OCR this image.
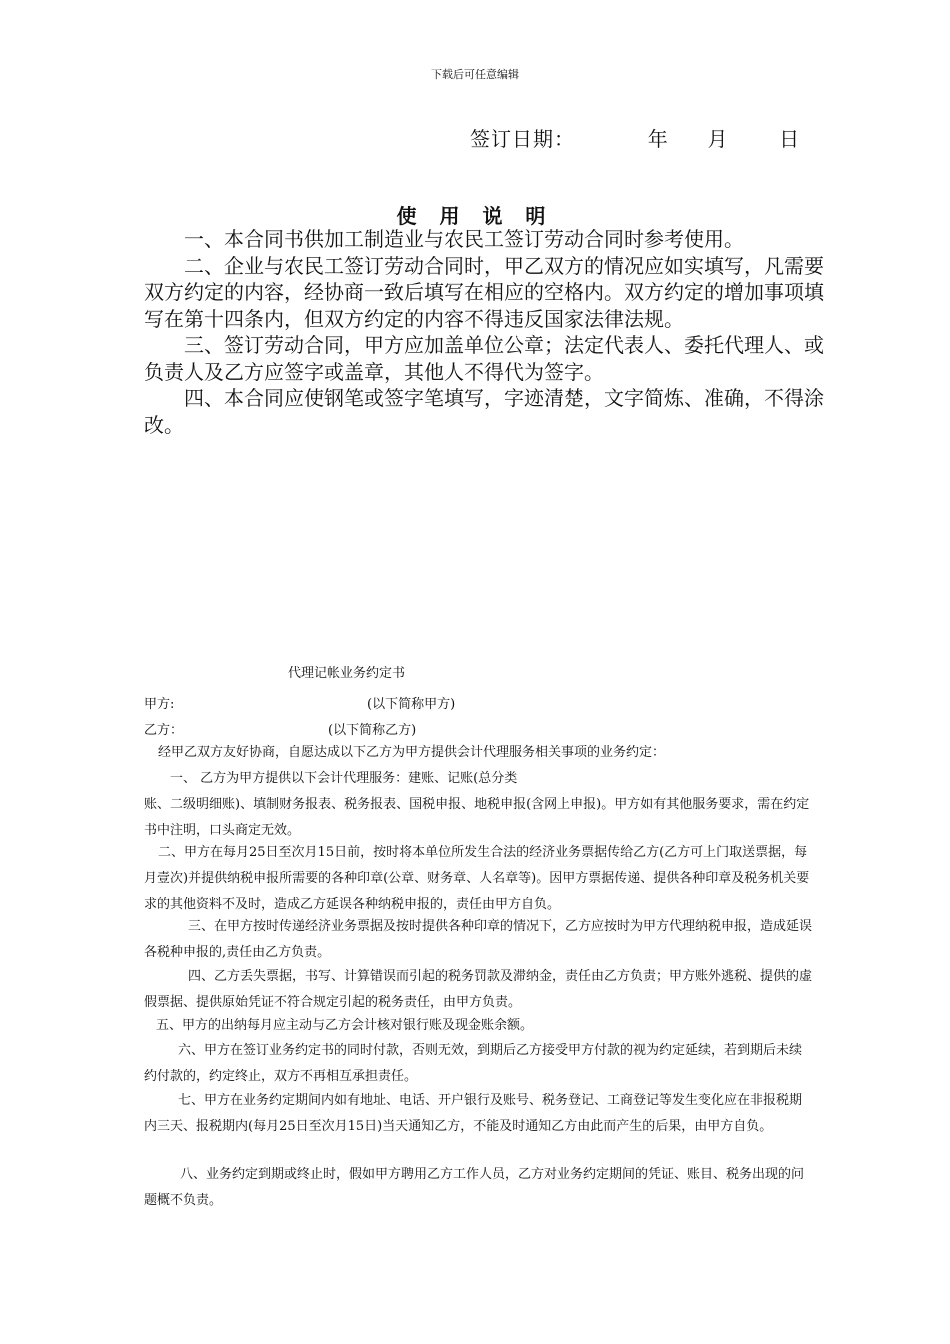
下载后可任意编辑
签订日期：	年 月	日
使 用 说 明

一、本合同书供加工制造业与农民工签订劳动合同时参考使用。

二、企业与农民工签订劳动合同时，甲乙双方的情况应如实填写，凡需要双方约定的内容，经协商一致后填写在相应的空格内。双方约定的增加事项填写在第十四条内，但双方约定的内容不得违反国家法律法规。

三、签订劳动合同，甲方应加盖单位公章；法定代表人、委托代理人、或负责人及乙方应签字或盖章，其他人不得代为签字。

四、本合同应使钢笔或签字笔填写，字迹清楚，文字简炼、准确，不得涂改。

代理记帐业务约定书
甲方:	(以下简称甲方)
乙方：	(以下简称乙方)

经甲乙双方友好协商，自愿达成以下乙方为甲方提供会计代理服务相关事项的业务约定：

一、 乙方为甲方提供以下会计代理服务：建账、记账(总分类

账、二级明细账)、填制财务报表、税务报表、国税申报、地税申报(含网上申报)。甲方如有其他服务要求，需在约定书中注明，口头商定无效。

二、甲方在每月25日至次月15日前，按时将本单位所发生合法的经济业务票据传给乙方(乙方可上门取送票据，每月壹次)并提供纳税申报所需要的各种印章(公章、财务章、人名章等)。因甲方票据传递、提供各种印章及税务机关要求的其他资料不及时，造成乙方延误各种纳税申报的，责任由甲方自负。

三、在甲方按时传递经济业务票据及按时提供各种印章的情况下，乙方应按时为甲方代理纳税申报，造成延误各税种申报的,责任由乙方负责。

四、乙方丢失票据，书写、计算错误而引起的税务罚款及滞纳金，责任由乙方负责；甲方账外逃税、提供的虚假票据、提供原始凭证不符合规定引起的税务责任，由甲方负责。

五、甲方的出纳每月应主动与乙方会计核对银行账及现金账余额。

六、甲方在签订业务约定书的同时付款，否则无效，到期后乙方接受甲方付款的视为约定延续，若到期后未续约付款的，约定终止，双方不再相互承担责任。

七、甲方在业务约定期间内如有地址、电话、开户银行及账号、税务登记、工商登记等发生变化应在非报税期内三天、报税期内(每月25日至次月15日)当天通知乙方，不能及时通知乙方由此而产生的后果，由甲方自负。

八、业务约定到期或终止时，假如甲方聘用乙方工作人员，乙方对业务约定期间的凭证、账目、税务出现的问题概不负责。
